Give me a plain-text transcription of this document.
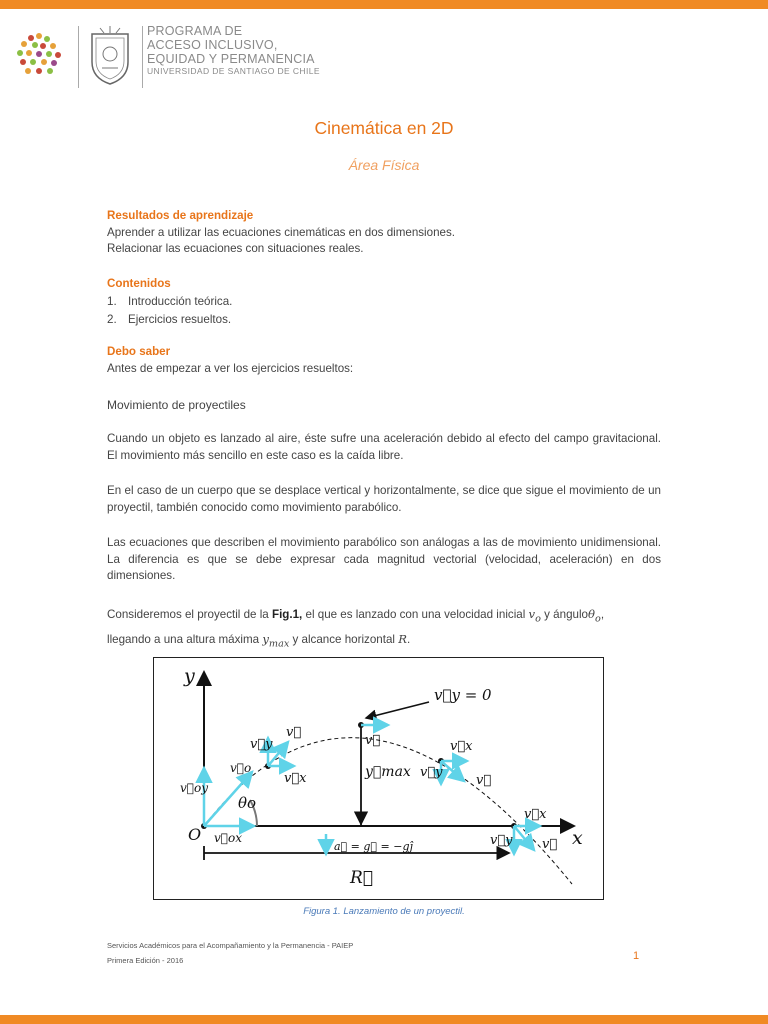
PROGRAMA DE
ACCESO INCLUSIVO,
EQUIDAD Y PERMANENCIA
UNIVERSIDAD DE SANTIAGO DE CHILE
Cinemática en 2D
Área Física
Resultados de aprendizaje
Aprender a utilizar las ecuaciones cinemáticas en dos dimensiones.
Relacionar las ecuaciones con situaciones reales.
Contenidos
1. Introducción teórica.
2. Ejercicios resueltos.
Debo saber
Antes de empezar a ver los ejercicios resueltos:
Movimiento de proyectiles
Cuando un objeto es lanzado al aire, éste sufre una aceleración debido al efecto del campo gravitacional. El movimiento más sencillo en este caso es la caída libre.
En el caso de un cuerpo que se desplace vertical y horizontalmente, se dice que sigue el movimiento de un proyectil, también conocido como movimiento parabólico.
Las ecuaciones que describen el movimiento parabólico son análogas a las de movimiento unidimensional. La diferencia es que se debe expresar cada magnitud vectorial (velocidad, aceleración) en dos dimensiones.
Consideremos el proyectil de la Fig.1, el que es lanzado con una velocidad inicial $v_o$ y ánguloθ$_o$,
llegando a una altura máxima $y_{max}$ y alcance horizontal R.
y
x
O
v⃗y = 0
v⃗oy
v⃗ox
v⃗o
θo
v⃗y
v⃗
v⃗x
v⃗
y⃗max
v⃗x
v⃗y
v⃗
v⃗x
v⃗y v⃗
a⃗ = g⃗ = −gĵ
R⃗
Figura 1. Lanzamiento de un proyectil.
Servicios Académicos para el Acompañamiento y la Permanencia - PAIEP
Primera Edición - 2016	1
